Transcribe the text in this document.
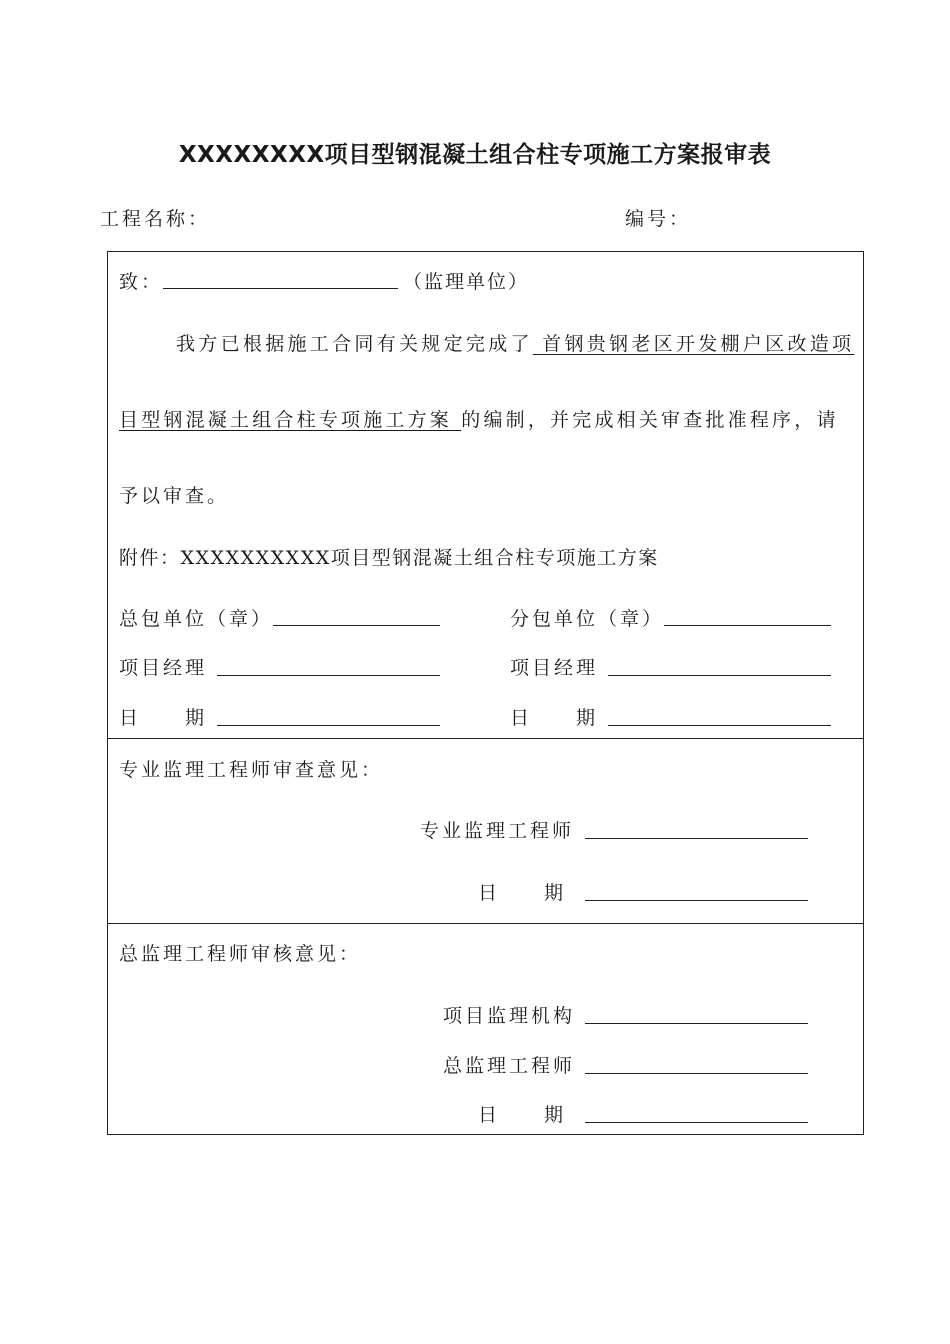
XXXXXXXX项目型钢混凝土组合柱专项施工方案报审表
工程名称：	编号：
致：	（监理单位）
我方已根据施工合同有关规定完成了 首钢贵钢老区开发棚户区改造项
目型钢混凝土组合柱专项施工方案 的编制，并完成相关审查批准程序，请
予以审查。
附件：XXXXXXXXXX项目型钢混凝土组合柱专项施工方案
总包单位（章）	分包单位（章）
项目经理	项目经理
日　　期	日　　期
专业监理工程师审查意见：
专业监理工程师
日　　期
总监理工程师审核意见：
项目监理机构
总监理工程师
日　　期
